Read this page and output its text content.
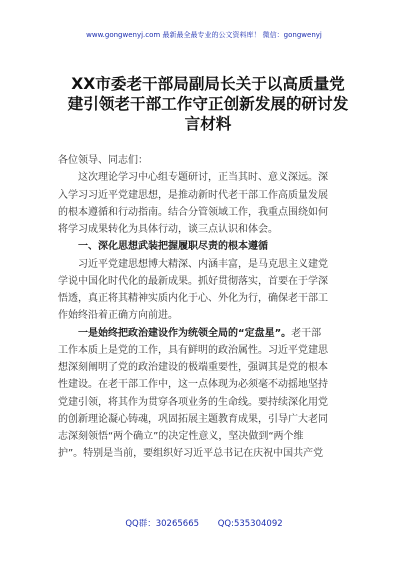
www.gongwenyj.com 最新最全最专业的公文资料库！ 微信：gongwenyj
XX市委老干部局副局长关于以高质量党
建引领老干部工作守正创新发展的研讨发
言材料
各位领导、同志们：
　　这次理论学习中心组专题研讨，正当其时、意义深远。深
入学习习近平党建思想，是推动新时代老干部工作高质量发展
的根本遵循和行动指南。结合分管领域工作，我重点围绕如何
将学习成果转化为具体行动，谈三点认识和体会。
　　一、深化思想武装把握履职尽责的根本遵循
　　习近平党建思想博大精深、内涵丰富，是马克思主义建党
学说中国化时代化的最新成果。抓好贯彻落实，首要在于学深
悟透，真正将其精神实质内化于心、外化为行，确保老干部工
作始终沿着正确方向前进。
　　一是始终把政治建设作为统领全局的“定盘星”。老干部
工作本质上是党的工作，具有鲜明的政治属性。习近平党建思
想深刻阐明了党的政治建设的极端重要性，强调其是党的根本
性建设。在老干部工作中，这一点体现为必须毫不动摇地坚持
党建引领，将其作为贯穿各项业务的生命线。要持续深化用党
的创新理论凝心铸魂，巩固拓展主题教育成果，引导广大老同
志深刻领悟“两个确立”的决定性意义，坚决做到“两个维
护”。特别是当前，要组织好习近平总书记在庆祝中国共产党
QQ群：30265665 QQ:535304092
